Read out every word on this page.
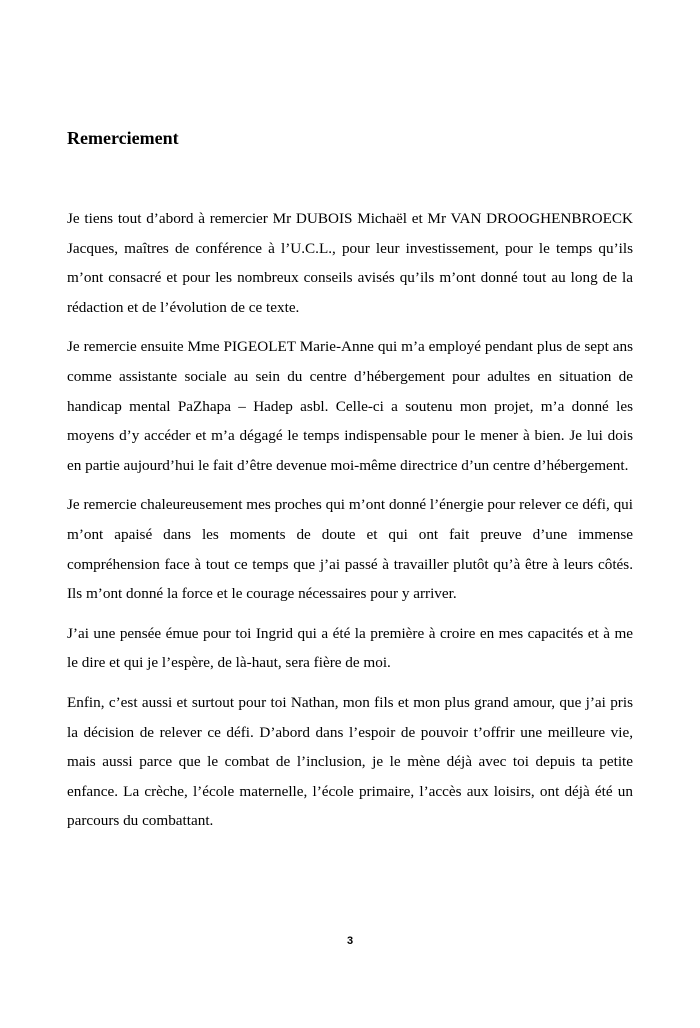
Remerciement

Je tiens tout d’abord à remercier Mr DUBOIS Michaël et Mr VAN DROOGHENBROECK Jacques, maîtres de conférence à l’U.C.L., pour leur investissement, pour le temps qu’ils m’ont consacré et pour les nombreux conseils avisés qu’ils m’ont donné tout au long de la rédaction et de l’évolution de ce texte.

Je remercie ensuite Mme PIGEOLET Marie-Anne qui m’a employé pendant plus de sept ans comme assistante sociale au sein du centre d’hébergement pour adultes en situation de handicap mental PaZhapa – Hadep asbl. Celle-ci a soutenu mon projet, m’a donné les moyens d’y accéder et m’a dégagé le temps indispensable pour le mener à bien. Je lui dois en partie aujourd’hui le fait d’être devenue moi-même directrice d’un centre d’hébergement.

Je remercie chaleureusement mes proches qui m’ont donné l’énergie pour relever ce défi, qui m’ont apaisé dans les moments de doute et qui ont fait preuve d’une immense compréhension face à tout ce temps que j’ai passé à travailler plutôt qu’à être à leurs côtés. Ils m’ont donné la force et le courage nécessaires pour y arriver.

J’ai une pensée émue pour toi Ingrid qui a été la première à croire en mes capacités et à me le dire et qui je l’espère, de là-haut, sera fière de moi.

Enfin, c’est aussi et surtout pour toi Nathan, mon fils et mon plus grand amour, que j’ai pris la décision de relever ce défi. D’abord dans l’espoir de pouvoir t’offrir une meilleure vie, mais aussi parce que le combat de l’inclusion, je le mène déjà avec toi depuis ta petite enfance. La crèche, l’école maternelle, l’école primaire, l’accès aux loisirs, ont déjà été un parcours du combattant.

3
